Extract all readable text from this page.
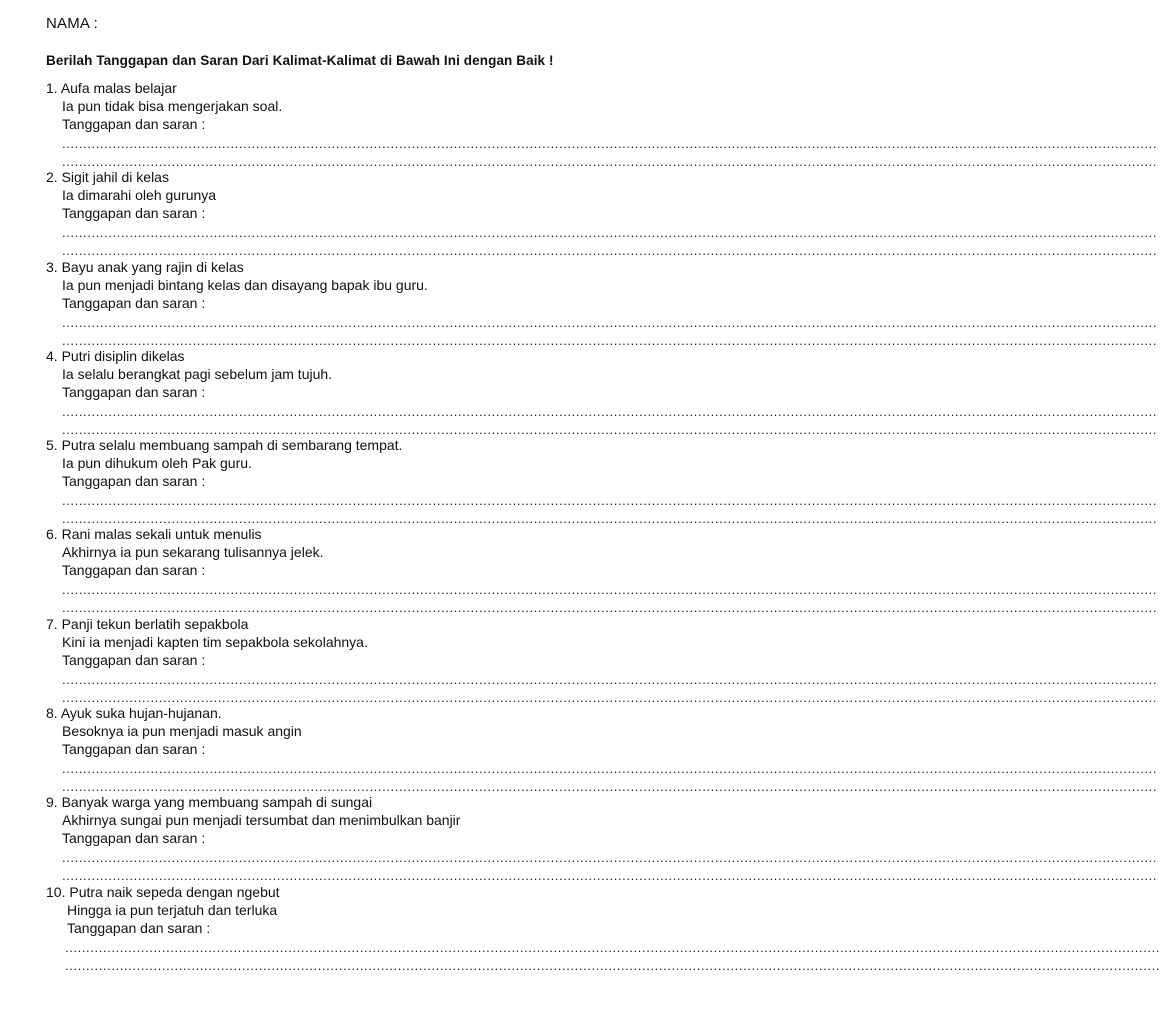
NAMA :
Berilah Tanggapan dan Saran Dari Kalimat-Kalimat di Bawah Ini dengan Baik !
1. Aufa malas belajar
Ia pun tidak bisa mengerjakan soal.
Tanggapan dan saran :
....................................................................................................................................................................................................................................................................
....................................................................................................................................................................................................................................................................
2. Sigit jahil di kelas
Ia dimarahi oleh gurunya
Tanggapan dan saran :
....................................................................................................................................................................................................................................................................
....................................................................................................................................................................................................................................................................
3. Bayu anak yang rajin di kelas
Ia pun menjadi bintang kelas dan disayang bapak ibu guru.
Tanggapan dan saran :
....................................................................................................................................................................................................................................................................
....................................................................................................................................................................................................................................................................
4. Putri disiplin dikelas
Ia selalu berangkat pagi sebelum jam tujuh.
Tanggapan dan saran :
....................................................................................................................................................................................................................................................................
....................................................................................................................................................................................................................................................................
5. Putra selalu membuang sampah di sembarang tempat.
Ia pun dihukum oleh Pak guru.
Tanggapan dan saran :
....................................................................................................................................................................................................................................................................
....................................................................................................................................................................................................................................................................
6. Rani malas sekali untuk menulis
Akhirnya ia pun sekarang tulisannya jelek.
Tanggapan dan saran :
....................................................................................................................................................................................................................................................................
....................................................................................................................................................................................................................................................................
7. Panji tekun berlatih sepakbola
Kini ia menjadi kapten tim sepakbola sekolahnya.
Tanggapan dan saran :
....................................................................................................................................................................................................................................................................
....................................................................................................................................................................................................................................................................
8. Ayuk suka hujan-hujanan.
Besoknya ia pun menjadi masuk angin
Tanggapan dan saran :
....................................................................................................................................................................................................................................................................
....................................................................................................................................................................................................................................................................
9. Banyak warga yang membuang sampah di sungai
Akhirnya sungai pun menjadi tersumbat dan menimbulkan banjir
Tanggapan dan saran :
....................................................................................................................................................................................................................................................................
....................................................................................................................................................................................................................................................................
10. Putra naik sepeda dengan ngebut
Hingga ia pun terjatuh dan terluka
Tanggapan dan saran :
....................................................................................................................................................................................................................................................................
....................................................................................................................................................................................................................................................................
